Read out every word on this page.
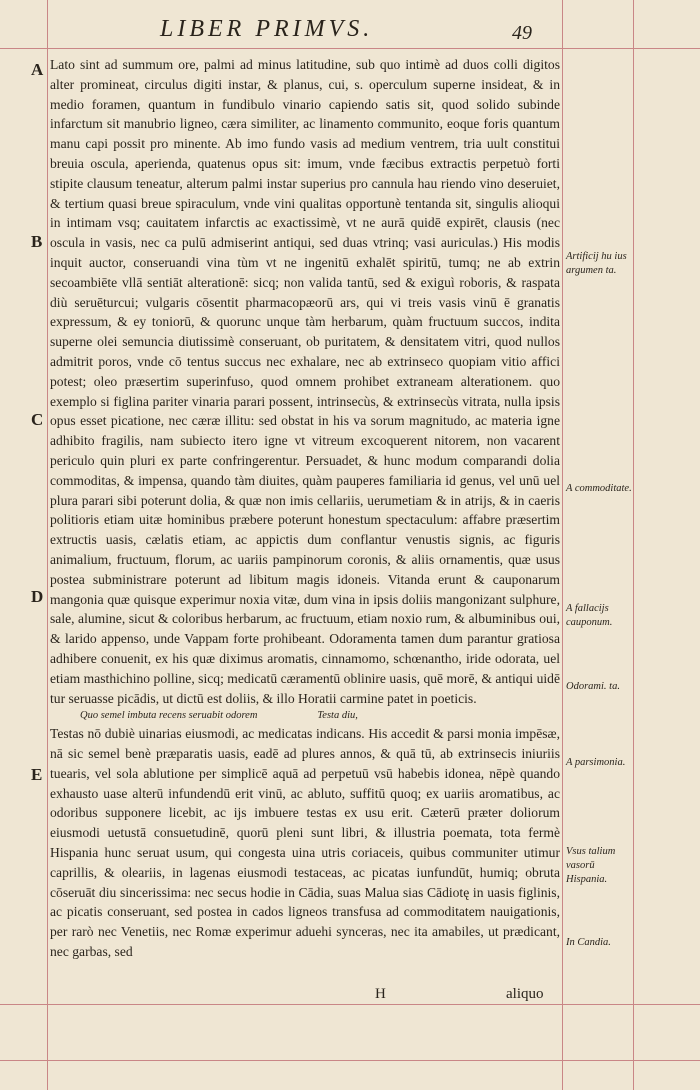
LIBER PRIMVS.	49
A
B
C
D
E

Lato sint ad summum ore, palmi ad minus latitudine, sub quo intimè ad duos colli digitos alter promineat, circulus digiti instar, & planus, cui, s. operculum superne insideat, & in medio foramen, quantum in fundibulo vinario capiendo satis sit, quod solido subinde infarctum sit manubrio ligneo, cæra similiter, ac linamento communito, eoque foris quantum manu capi possit pro minente. Ab imo fundo vasis ad medium ventrem, tria uult constitui breuia oscula, aperienda, quatenus opus sit: imum, vnde fæcibus extractis perpetuò forti stipite clausum teneatur, alterum palmi instar superius pro cannula hau riendo vino deseruiet, & tertium quasi breue spiraculum, vnde vini qualitas opportunè tentanda sit, singulis alioqui in intimam vsq; cauitatem infarctis ac exactissimè, vt ne aurā quidē expirēt, clausis (nec oscula in vasis, nec ca pulū admiserint antiqui, sed duas vtrinq; vasi auriculas.) His modis inquit auctor, conseruandi vina tùm vt ne ingenitū exhalēt spiritū, tumq; ne ab extrin secoambiēte vllā sentiāt alterationē: sicq; non valida tantū, sed & exiguì roboris, & raspata diù seruēturcui; vulgaris cōsentit pharmacopæorū ars, qui vi treis vasis vinū ē granatis expressum, & ey toniorū, & quorunc unque tàm herbarum, quàm fructuum succos, indita superne olei semuncia diutissimè conseruant, ob puritatem, & densitatem vitri, quod nullos admitrit poros, vnde cō tentus succus nec exhalare, nec ab extrinseco quopiam vitio affici potest; oleo præsertim superinfuso, quod omnem prohibet extraneam alterationem. quo exemplo si figlina pariter vinaria parari possent, intrinsecùs, & extrinsecùs vitrata, nulla ipsis opus esset picatione, nec cæræ illitu: sed obstat in his va sorum magnitudo, ac materia igne adhibito fragilis, nam subiecto itero igne vt vitreum excoquerent nitorem, non vacarent periculo quin pluri ex parte confringerentur. Persuadet, & hunc modum comparandi dolia commoditas, & impensa, quando tàm diuites, quàm pauperes familiaria id genus, vel unū uel plura parari sibi poterunt dolia, & quæ non imis cellariis, uerumetiam & in atrijs, & in caeris politioris etiam uitæ hominibus præbere poterunt honestum spectaculum: affabre præsertim extructis uasis, cælatis etiam, ac appictis dum conflantur venustis signis, ac figuris animalium, fructuum, florum, ac uariis pampinorum coronis, & aliis ornamentis, quæ usus postea subministrare poterunt ad libitum magis idoneis. Vitanda erunt & cauponarum mangonia quæ quisque experimur noxia vitæ, dum vina in ipsis doliis mangonizant sulphure, sale, alumine, sicut & coloribus herbarum, ac fructuum, etiam noxio rum, & albuminibus oui, & larido appenso, unde Vappam forte prohibeant. Odoramenta tamen dum parantur gratiosa adhibere conuenit, ex his quæ diximus aromatis, cinnamomo, schœnantho, iride odorata, uel etiam masthichino polline, sicq; medicatū cæramentū oblinire uasis, quē morē, & antiqui uidē tur seruasse picādis, ut dictū est doliis, & illo Horatii carmine patet in poeticis.

Quo semel imbuta recens seruabit odorem	Testa diu,

Testas nō dubiè uinarias eiusmodi, ac medicatas indicans. His accedit & parsi monia impēsæ, nā sic semel benè præparatis uasis, eadē ad plures annos, & quā tū, ab extrinsecis iniuriis tuearis, vel sola ablutione per simplicē aquā ad perpetuū vsū habebis idonea, nēpè quando exhausto uase alterū infundendū erit vinū, ac abluto, suffitū quoq; ex uariis aromatibus, ac odoribus supponere licebit, ac ijs imbuere testas ex usu erit. Cæterū præter doliorum eiusmodi uetustā consuetudinē, quorū pleni sunt libri, & illustria poemata, tota fermè Hispania hunc seruat usum, qui congesta uina utris coriaceis, quibus communiter utimur caprillis, & oleariis, in lagenas eiusmodi testaceas, ac picatas iunfundūt, humiq; obruta cōseruāt diu sincerissima: nec secus hodie in Cādia, suas Malua sias Cādiotę in uasis figlinis, ac picatis conseruant, sed postea in cados ligneos transfusa ad commoditatem nauigationis, per rarò nec Venetiis, nec Romæ experimur aduehi synceras, nec ita amabiles, ut prædicant, nec garbas, sed

Artificij hu ius argumen ta.
A commoditate.
A fallacijs cauponum.
Odorami. ta.
A parsimonia.
Vsus talium vasorū Hispania.
In Candia.
H	aliquo
